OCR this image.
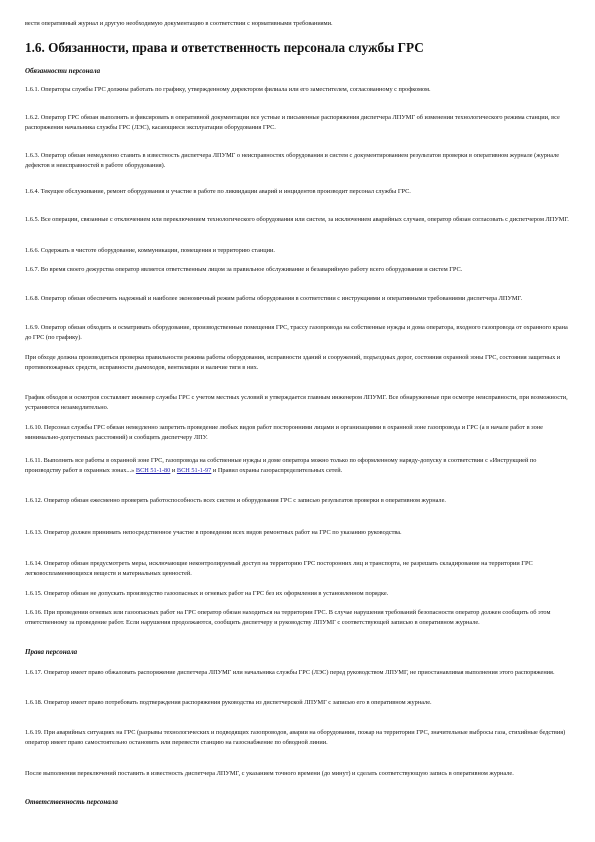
вести оперативный журнал и другую необходимую документацию в соответствии с нормативными требованиями.

1.6. Обязанности, права и ответственность персонала службы ГРС

Обязанности персонала

1.6.1. Операторы службы ГРС должны работать по графику, утвержденному директором филиала или его заместителем, согласованному с профкомом.

1.6.2. Оператор ГРС обязан выполнять и фиксировать в оперативной документации все устные и письменные распоряжения диспетчера ЛПУМГ об изменении технологического режима станции, все распоряжения начальника службы ГРС (ЛЭС), касающиеся эксплуатации оборудования ГРС.

1.6.3. Оператор обязан немедленно ставить в известность диспетчера ЛПУМГ о неисправностях оборудования и систем с документированием результатов проверки в оперативном журнале (журнале дефектов и неисправностей в работе оборудования).

1.6.4. Текущее обслуживание, ремонт оборудования и участие в работе по ликвидации аварий и инцидентов производит персонал службы ГРС.

1.6.5. Все операции, связанные с отключением или переключением технологического оборудования или систем, за исключением аварийных случаев, оператор обязан согласовать с диспетчером ЛПУМГ.

1.6.6. Содержать в чистоте оборудование, коммуникации, помещения и территорию станции.

1.6.7. Во время своего дежурства оператор является ответственным лицом за правильное обслуживание и безаварийную работу всего оборудования и систем ГРС.

1.6.8. Оператор обязан обеспечить надежный и наиболее экономичный режим работы оборудования в соответствии с инструкциями и оперативными требованиями диспетчера ЛПУМГ.

1.6.9. Оператор обязан обходить и осматривать оборудование, производственные помещения ГРС, трассу газопровода на собственные нужды и дома оператора, входного газопровода от охранного крана до ГРС (по графику).

При обходе должна производиться проверка правильности режима работы оборудования, исправности зданий и сооружений, подъездных дорог, состояния охранной зоны ГРС, состояния защитных и противопожарных средств, исправности дымоходов, вентиляции и наличие тяги в них.

График обходов и осмотров составляет инженер службы ГРС с учетом местных условий и утверждается главным инженером ЛПУМГ. Все обнаруженные при осмотре неисправности, при возможности, устраняются незамедлительно.

1.6.10. Персонал службы ГРС обязан немедленно запретить проведение любых видов работ посторонними лицами и организациями в охранной зоне газопровода и ГРС (а в начале работ в зоне минимально-допустимых расстояний) и сообщить диспетчеру ЛПУ.

1.6.11. Выполнять все работы в охранной зоне ГРС, газопровода на собственные нужды и доме оператора можно только по оформленному наряду-допуску в соответствии с «Инструкцией по производству работ в охранных зонах...» ВСН 51-1-80 и ВСН 51-1-97 и Правил охраны газораспределительных сетей.

1.6.12. Оператор обязан ежесменно проверять работоспособность всех систем и оборудования ГРС с записью результатов проверки в оперативном журнале.

1.6.13. Оператор должен принимать непосредственное участие в проведении всех видов ремонтных работ на ГРС по указанию руководства.

1.6.14. Оператор обязан предусмотреть меры, исключающие неконтролируемый доступ на территорию ГРС посторонних лиц и транспорта, не разрешать складирование на территории ГРС легковоспламеняющихся веществ и материальных ценностей.

1.6.15. Оператор обязан не допускать производство газоопасных и огневых работ на ГРС без их оформления в установленном порядке.

1.6.16. При проведении огневых или газоопасных работ на ГРС оператор обязан находиться на территории ГРС. В случае нарушения требований безопасности оператор должен сообщить об этом ответственному за проведение работ. Если нарушения продолжаются, сообщить диспетчеру и руководству ЛПУМГ с соответствующей записью в оперативном журнале.

Права персонала

1.6.17. Оператор имеет право обжаловать распоряжение диспетчера ЛПУМГ или начальника службы ГРС (ЛЭС) перед руководством ЛПУМГ, не приостанавливая выполнения этого распоряжения.

1.6.18. Оператор имеет право потребовать подтверждения распоряжения руководства из диспетчерской ЛПУМГ с записью его в оперативном журнале.

1.6.19. При аварийных ситуациях на ГРС (разрывы технологических и подводящих газопроводов, аварии на оборудовании, пожар на территории ГРС, значительные выбросы газа, стихийные бедствия) оператор имеет право самостоятельно остановить или перевести станцию на газоснабжение по обводной линии.

После выполнения переключений поставить в известность диспетчера ЛПУМГ, с указанием точного времени (до минут) и сделать соответствующую запись в оперативном журнале.

Ответственность персонала
